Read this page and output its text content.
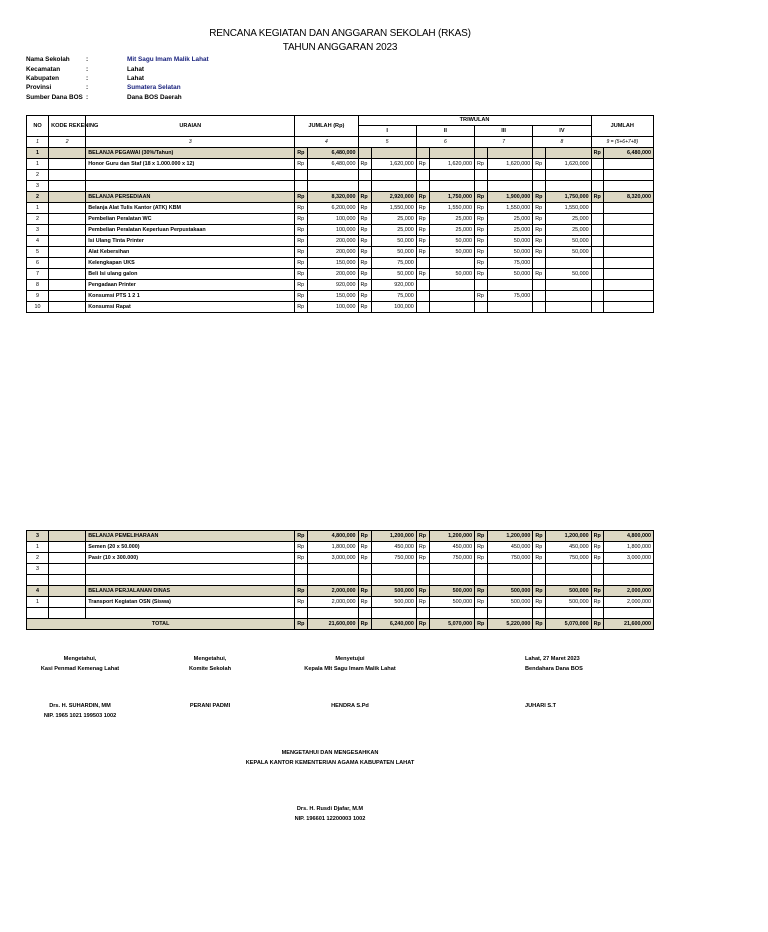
RENCANA KEGIATAN DAN ANGGARAN SEKOLAH (RKAS)
TAHUN ANGGARAN 2023
Nama Sekolah	:	Mit Sagu Imam Malik Lahat
Kecamatan	:	Lahat
Kabupaten	:	Lahat
Provinsi	:	Sumatera Selatan
Sumber Dana BOS :	Dana BOS Daerah
NO	KODE REKENING	URAIAN	JUMLAH (Rp)		TRIWULAN								JUMLAH	
					I		II		III		IV			
1	2	3	4		5		6		7		8		9 = (5+6+7+8)	
1		BELANJA PEGAWAI (30%/Tahun)	Rp	6,480,000									Rp	6,480,000
1		Honor Guru dan Staf (18 x 1.000.000 x 12)	Rp	6,480,000	Rp	1,620,000	Rp	1,620,000	Rp	1,620,000	Rp	1,620,000		
2														
3														
2		BELANJA PERSEDIAAN	Rp	8,320,000	Rp	2,920,000	Rp	1,750,000	Rp	1,900,000	Rp	1,750,000	Rp	8,320,000
1		Belanja Alat Tulis Kantor (ATK) KBM	Rp	6,200,000	Rp	1,550,000	Rp	1,550,000	Rp	1,550,000	Rp	1,550,000		
2		Pembelian Peralatan WC	Rp	100,000	Rp	25,000	Rp	25,000	Rp	25,000	Rp	25,000		
3		Pembelian Peralatan Keperluan Perpustakaan	Rp	100,000	Rp	25,000	Rp	25,000	Rp	25,000	Rp	25,000		
4		Isi Ulang Tinta Printer	Rp	200,000	Rp	50,000	Rp	50,000	Rp	50,000	Rp	50,000		
5		Alat Kebersihan	Rp	200,000	Rp	50,000	Rp	50,000	Rp	50,000	Rp	50,000		
6		Kelengkapan UKS	Rp	150,000	Rp	75,000			Rp	75,000				
7		Beli Isi ulang galon	Rp	200,000	Rp	50,000	Rp	50,000	Rp	50,000	Rp	50,000		
8		Pengadaan Printer	Rp	920,000	Rp	920,000								
9		Konsumsi PTS 1 2 1	Rp	150,000	Rp	75,000			Rp	75,000				
10		Konsumsi Rapat	Rp	100,000	Rp	100,000								
3		BELANJA PEMELIHARAAN	Rp	4,800,000	Rp	1,200,000	Rp	1,200,000	Rp	1,200,000	Rp	1,200,000	Rp	4,800,000
1		Semen (20 x 50.000)	Rp	1,800,000	Rp	450,000	Rp	450,000	Rp	450,000	Rp	450,000	Rp	1,800,000
2		Pasir (10 x 300.000)	Rp	3,000,000	Rp	750,000	Rp	750,000	Rp	750,000	Rp	750,000	Rp	3,000,000
3														

4		BELANJA PERJALANAN DINAS	Rp	2,000,000	Rp	500,000	Rp	500,000	Rp	500,000	Rp	500,000	Rp	2,000,000
1		Transport Kegiatan OSN (Siswa)	Rp	2,000,000	Rp	500,000	Rp	500,000	Rp	500,000	Rp	500,000	Rp	2,000,000

TOTAL			Rp	21,600,000	Rp	6,240,000	Rp	5,070,000	Rp	5,220,000	Rp	5,070,000	Rp	21,600,000
Mengetahui,
Kasi Penmad Kemenag Lahat
Drs. H. SUHARDIN, MM
NIP. 1965 1021 199503 1002
Mengetahui,
Komite Sekolah
PERANI PADMI
Menyetujui
Kepala MIt Sagu Imam Malik Lahat
HENDRA S.Pd
Lahat, 27 Maret 2023
Bendahara Dana BOS
JUHARI S.T
MENGETAHUI DAN MENGESAHKAN
KEPALA KANTOR KEMENTERIAN AGAMA KABUPATEN LAHAT
Drs. H. Rusdi Djafar, M.M
NIP. 196601 12200003 1002
